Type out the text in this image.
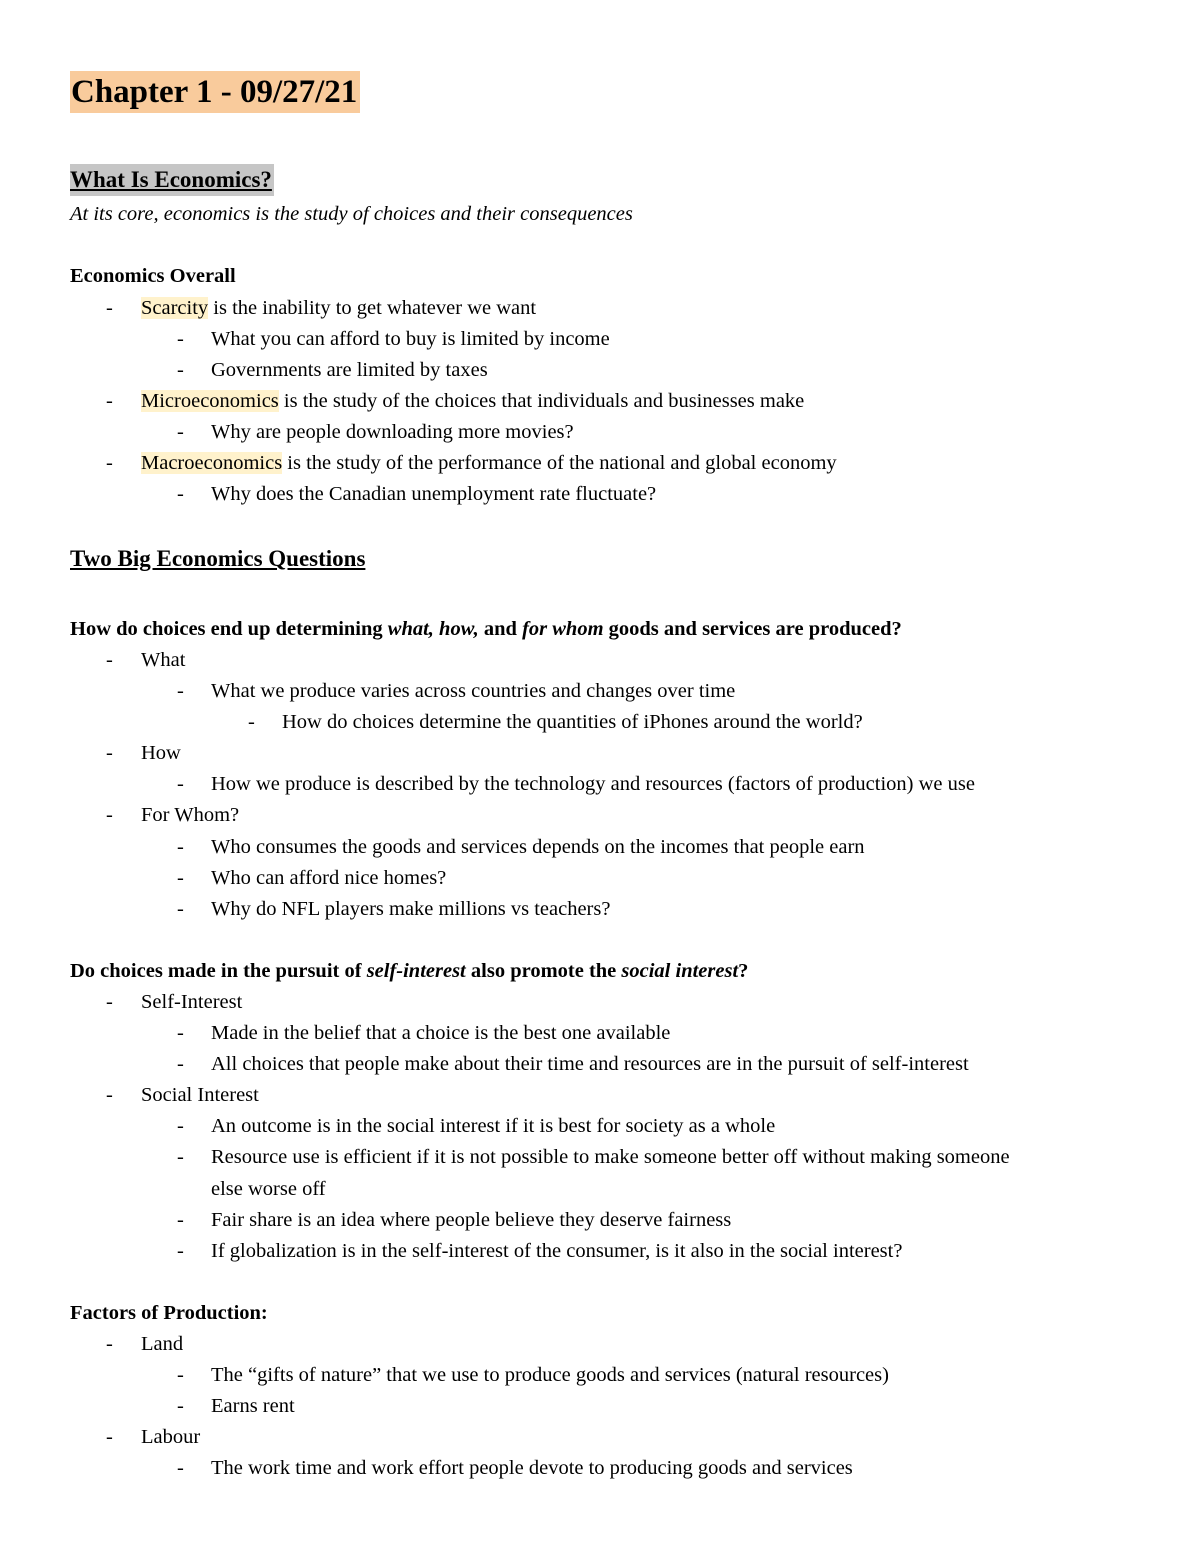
Chapter 1 - 09/27/21
What Is Economics?
At its core, economics is the study of choices and their consequences
Economics Overall
- Scarcity is the inability to get whatever we want
- What you can afford to buy is limited by income
- Governments are limited by taxes
- Microeconomics is the study of the choices that individuals and businesses make
- Why are people downloading more movies?
- Macroeconomics is the study of the performance of the national and global economy
- Why does the Canadian unemployment rate fluctuate?
Two Big Economics Questions
How do choices end up determining what, how, and for whom goods and services are produced?
- What
- What we produce varies across countries and changes over time
- How do choices determine the quantities of iPhones around the world?
- How
- How we produce is described by the technology and resources (factors of production) we use
- For Whom?
- Who consumes the goods and services depends on the incomes that people earn
- Who can afford nice homes?
- Why do NFL players make millions vs teachers?
Do choices made in the pursuit of self-interest also promote the social interest?
- Self-Interest
- Made in the belief that a choice is the best one available
- All choices that people make about their time and resources are in the pursuit of self-interest
- Social Interest
- An outcome is in the social interest if it is best for society as a whole
- Resource use is efficient if it is not possible to make someone better off without making someone
else worse off
- Fair share is an idea where people believe they deserve fairness
- If globalization is in the self-interest of the consumer, is it also in the social interest?
Factors of Production:
- Land
- The “gifts of nature” that we use to produce goods and services (natural resources)
- Earns rent
- Labour
- The work time and work effort people devote to producing goods and services
